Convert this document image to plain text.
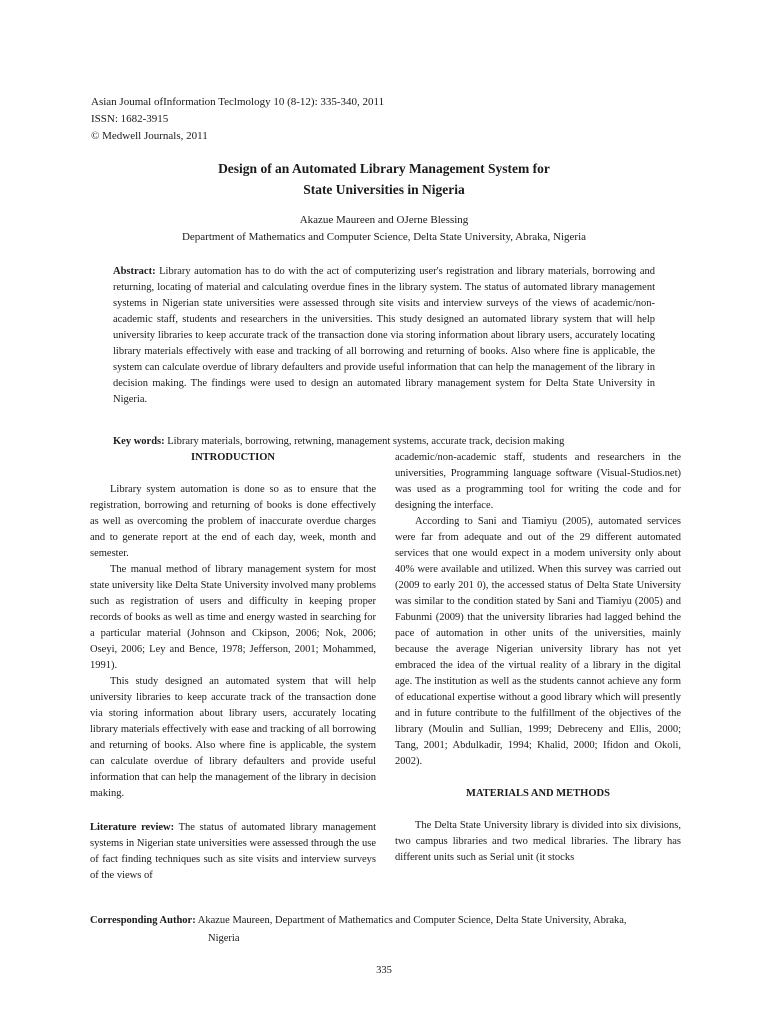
Asian Joumal ofInformation Teclmology 10 (8-12): 335-340, 2011
ISSN: 1682-3915
© Medwell Journals, 2011
Design of an Automated Library Management System for
State Universities in Nigeria
Akazue Maureen and OJerne Blessing
Department of Mathematics and Computer Science, Delta State University, Abraka, Nigeria
Abstract: Library automation has to do with the act of computerizing user's registration and library materials, borrowing and returning, locating of material and calculating overdue fines in the library system. The status of automated library management systems in Nigerian state universities were assessed through site visits and interview surveys of the views of academic/non-academic staff, students and researchers in the universities. This study designed an automated library system that will help university libraries to keep accurate track of the transaction done via storing information about library users, accurately locating library materials effectively with ease and tracking of all borrowing and returning of books. Also where fine is applicable, the system can calculate overdue of library defaulters and provide useful information that can help the management of the library in decision making. The findings were used to design an automated library management system for Delta State University in Nigeria.
Key words: Library materials, borrowing, retwning, management systems, accurate track, decision making
INTRODUCTION

Library system automation is done so as to ensure that the registration, borrowing and returning of books is done effectively as well as overcoming the problem of inaccurate overdue charges and to generate report at the end of each day, week, month and semester.

The manual method of library management system for most state university like Delta State University involved many problems such as registration of users and difficulty in keeping proper records of books as well as time and energy wasted in searching for a particular material (Johnson and Ckipson, 2006; Nok, 2006; Oseyi, 2006; Ley and Bence, 1978; Jefferson, 2001; Mohammed, 1991).

This study designed an automated system that will help university libraries to keep accurate track of the transaction done via storing information about library users, accurately locating library materials effectively with ease and tracking of all borrowing and returning of books. Also where fine is applicable, the system can calculate overdue of library defaulters and provide useful information that can help the management of the library in decision making.

Literature review: The status of automated library management systems in Nigerian state universities were assessed through the use of fact finding techniques such as site visits and interview surveys of the views of

academic/non-academic staff, students and researchers in the universities, Programming language software (Visual-Studios.net) was used as a programming tool for writing the code and for designing the interface.

According to Sani and Tiamiyu (2005), automated services were far from adequate and out of the 29 different automated services that one would expect in a modem university only about 40% were available and utilized. When this survey was carried out (2009 to early 201 0), the accessed status of Delta State University was similar to the condition stated by Sani and Tiamiyu (2005) and Fabunmi (2009) that the university libraries had lagged behind the pace of automation in other units of the universities, mainly because the average Nigerian university library has not yet embraced the idea of the virtual reality of a library in the digital age. The institution as well as the students cannot achieve any form of educational expertise without a good library which will presently and in future contribute to the fulfillment of the objectives of the library (Moulin and Sullian, 1999; Debreceny and Ellis, 2000; Tang, 2001; Abdulkadir, 1994; Khalid, 2000; Ifidon and Okoli, 2002).

MATERIALS AND METHODS

The Delta State University library is divided into six divisions, two campus libraries and two medical libraries. The library has different units such as Serial unit (it stocks

Corresponding Author: Akazue Maureen, Department of Mathematics and Computer Science, Delta State University, Abraka,
Nigeria
335
